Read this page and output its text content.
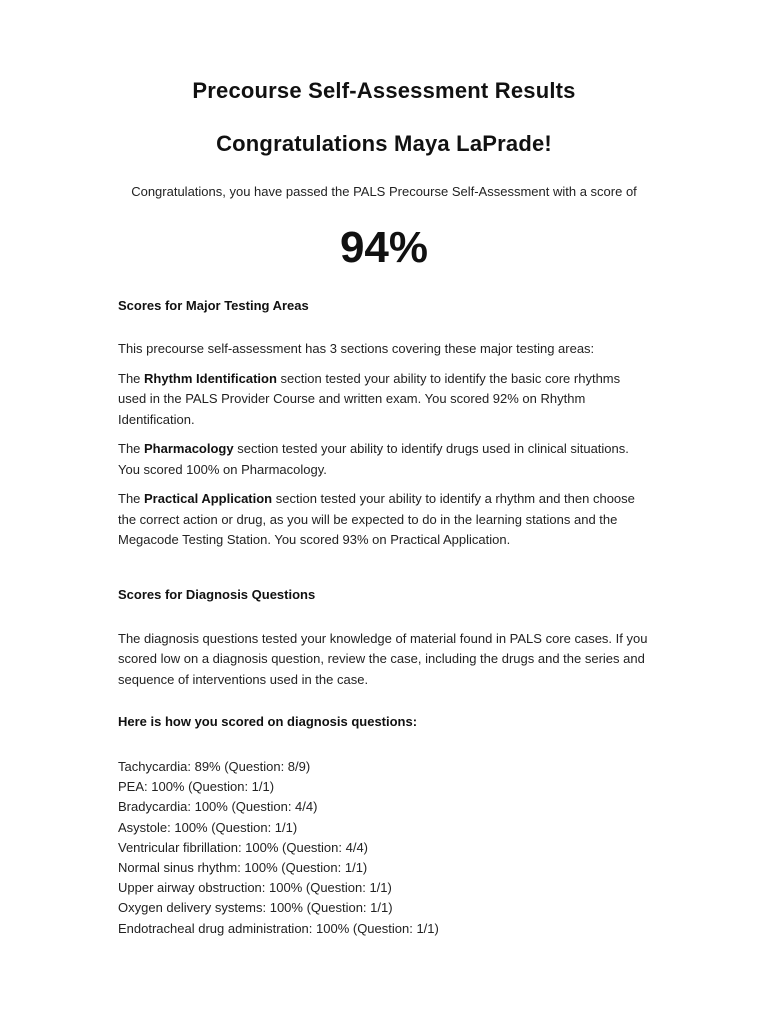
Precourse Self-Assessment Results
Congratulations Maya LaPrade!

Congratulations, you have passed the PALS Precourse Self-Assessment with a score of

94%
Scores for Major Testing Areas

This precourse self-assessment has 3 sections covering these major testing areas:

The Rhythm Identification section tested your ability to identify the basic core rhythms used in the PALS Provider Course and written exam. You scored 92% on Rhythm Identification.

The Pharmacology section tested your ability to identify drugs used in clinical situations. You scored 100% on Pharmacology.

The Practical Application section tested your ability to identify a rhythm and then choose the correct action or drug, as you will be expected to do in the learning stations and the Megacode Testing Station. You scored 93% on Practical Application.

Scores for Diagnosis Questions

The diagnosis questions tested your knowledge of material found in PALS core cases. If you scored low on a diagnosis question, review the case, including the drugs and the series and sequence of interventions used in the case.

Here is how you scored on diagnosis questions:
Tachycardia: 89% (Question: 8/9)
PEA: 100% (Question: 1/1)
Bradycardia: 100% (Question: 4/4)
Asystole: 100% (Question: 1/1)
Ventricular fibrillation: 100% (Question: 4/4)
Normal sinus rhythm: 100% (Question: 1/1)
Upper airway obstruction: 100% (Question: 1/1)
Oxygen delivery systems: 100% (Question: 1/1)
Endotracheal drug administration: 100% (Question: 1/1)
